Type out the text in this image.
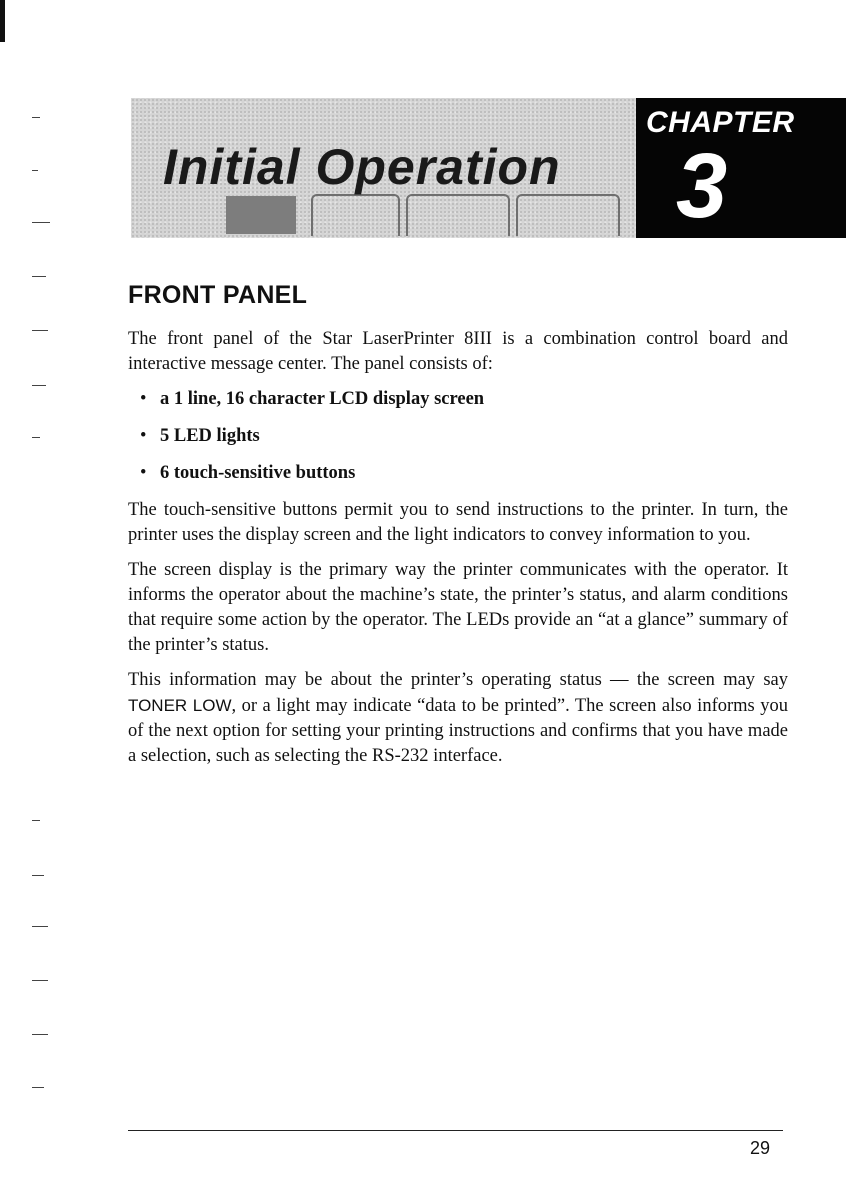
Initial Operation
CHAPTER
3
FRONT PANEL

The front panel of the Star LaserPrinter 8III is a combination control board and interactive message center. The panel consists of:

• a 1 line, 16 character LCD display screen
• 5 LED lights
• 6 touch-sensitive buttons

The touch-sensitive buttons permit you to send instructions to the printer. In turn, the printer uses the display screen and the light indicators to convey information to you.

The screen display is the primary way the printer communicates with the operator. It informs the operator about the machine’s state, the printer’s status, and alarm conditions that require some action by the operator. The LEDs provide an “at a glance” summary of the printer’s status.

This information may be about the printer’s operating status — the screen may say TONER LOW, or a light may indicate “data to be printed”. The screen also informs you of the next option for setting your printing instructions and confirms that you have made a selection, such as selecting the RS-232 interface.

29
